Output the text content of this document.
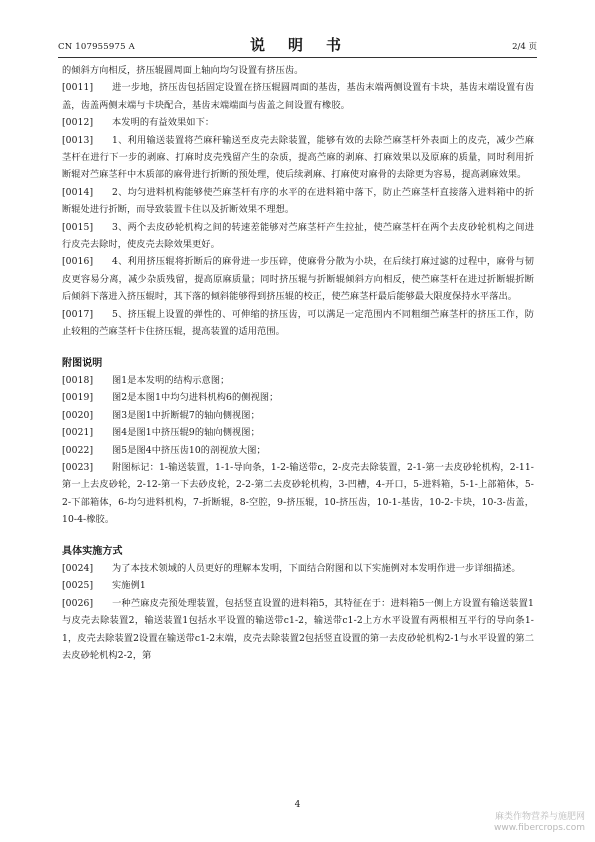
CN 107955975 A	说　明　书	2/4 页

的倾斜方向相反，挤压辊圆周面上轴向均匀设置有挤压齿。

[0011] 进一步地，挤压齿包括固定设置在挤压辊圆周面的基齿，基齿末端两侧设置有卡块，基齿末端设置有齿盖，齿盖两侧末端与卡块配合，基齿末端端面与齿盖之间设置有橡胶。

[0012] 本发明的有益效果如下：

[0013] 1、利用输送装置将苎麻秆输送至皮壳去除装置，能够有效的去除苎麻茎杆外表面上的皮壳，减少苎麻茎杆在进行下一步的剥麻、打麻时皮壳残留产生的杂质，提高苎麻的剥麻、打麻效果以及原麻的质量，同时利用折断辊对苎麻茎秆中木质部的麻骨进行折断的预处理，使后续剥麻、打麻使对麻骨的去除更为容易，提高剥麻效果。

[0014] 2、均匀进料机构能够使苎麻茎杆有序的水平的在进料箱中落下，防止苎麻茎杆直接落入进料箱中的折断辊处进行折断，而导致装置卡住以及折断效果不理想。

[0015] 3、两个去皮砂轮机构之间的转速差能够对苎麻茎杆产生拉扯，使苎麻茎杆在两个去皮砂轮机构之间进行皮壳去除时，使皮壳去除效果更好。

[0016] 4、利用挤压辊将折断后的麻骨进一步压碎，使麻骨分散为小块，在后续打麻过滤的过程中，麻骨与韧皮更容易分离，减少杂质残留，提高原麻质量；同时挤压辊与折断辊倾斜方向相反，使苎麻茎杆在进过折断辊折断后倾斜下落进入挤压辊时，其下落的倾斜能够得到挤压辊的校正，使苎麻茎杆最后能够最大限度保持水平落出。

[0017] 5、挤压辊上设置的弹性的、可伸缩的挤压齿，可以满足一定范围内不同粗细苎麻茎杆的挤压工作，防止较粗的苎麻茎杆卡住挤压辊，提高装置的适用范围。

附图说明

[0018] 图1是本发明的结构示意图；

[0019] 图2是本图1中均匀进料机构6的侧视图；

[0020] 图3是图1中折断辊7的轴向侧视图；

[0021] 图4是图1中挤压辊9的轴向侧视图；

[0022] 图5是图4中挤压齿10的剖视放大图；

[0023] 附图标记：1-输送装置，1-1-导向条，1-2-输送带c，2-皮壳去除装置，2-1-第一去皮砂轮机构，2-11-第一上去皮砂轮，2-12-第一下去砂皮轮，2-2-第二去皮砂轮机构，3-凹槽，4-开口，5-进料箱，5-1-上部箱体，5-2-下部箱体，6-均匀进料机构，7-折断辊，8-空腔，9-挤压辊，10-挤压齿，10-1-基齿，10-2-卡块，10-3-齿盖，10-4-橡胶。

具体实施方式

[0024] 为了本技术领域的人员更好的理解本发明，下面结合附图和以下实施例对本发明作进一步详细描述。

[0025] 实施例1

[0026] 一种苎麻皮壳预处理装置，包括竖直设置的进料箱5，其特征在于：进料箱5一侧上方设置有输送装置1与皮壳去除装置2，输送装置1包括水平设置的输送带c1-2，输送带c1-2上方水平设置有两根相互平行的导向条1-1，皮壳去除装置2设置在输送带c1-2末端，皮壳去除装置2包括竖直设置的第一去皮砂轮机构2-1与水平设置的第二去皮砂轮机构2-2，第

4
麻类作物营养与施肥网
www.fibercrops.com
